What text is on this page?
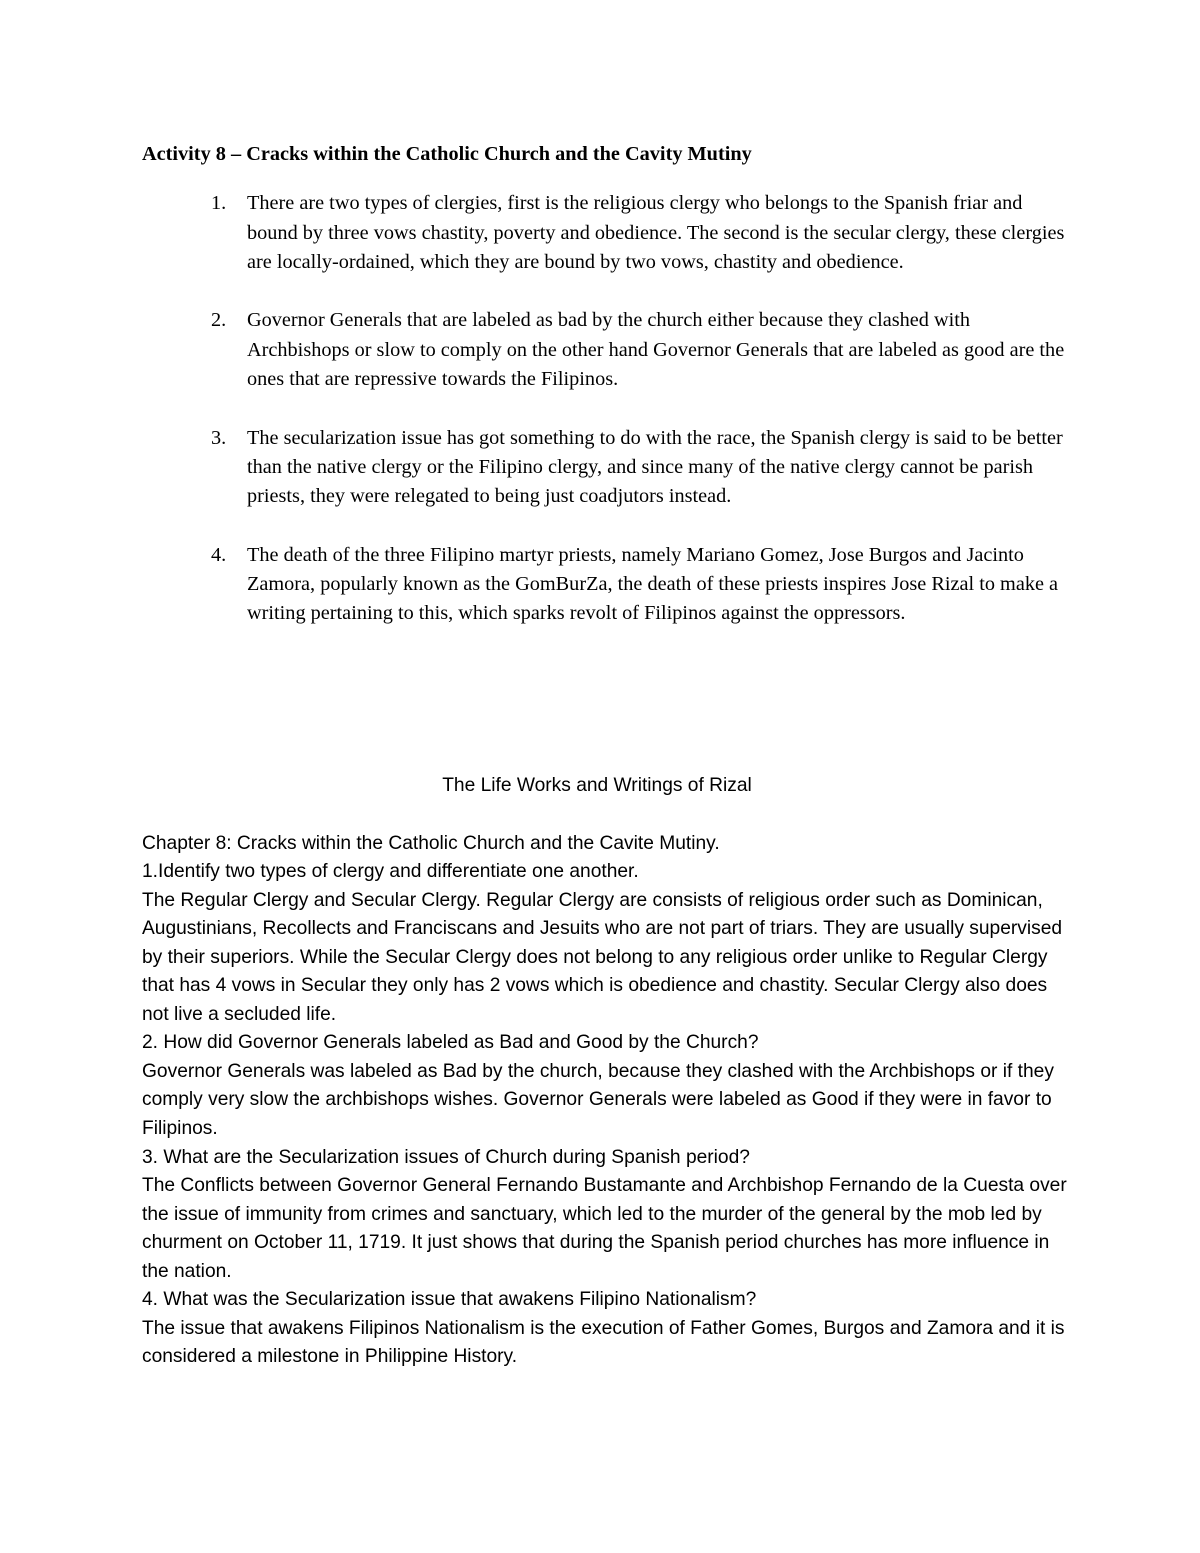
Activity 8 – Cracks within the Catholic Church and the Cavity Mutiny
1. There are two types of clergies, first is the religious clergy who belongs to the Spanish friar and bound by three vows chastity, poverty and obedience. The second is the secular clergy, these clergies are locally-ordained, which they are bound by two vows, chastity and obedience.
2. Governor Generals that are labeled as bad by the church either because they clashed with Archbishops or slow to comply on the other hand Governor Generals that are labeled as good are the ones that are repressive towards the Filipinos.
3. The secularization issue has got something to do with the race, the Spanish clergy is said to be better than the native clergy or the Filipino clergy, and since many of the native clergy cannot be parish priests, they were relegated to being just coadjutors instead.
4. The death of the three Filipino martyr priests, namely Mariano Gomez, Jose Burgos and Jacinto Zamora, popularly known as the GomBurZa, the death of these priests inspires Jose Rizal to make a writing pertaining to this, which sparks revolt of Filipinos against the oppressors.
The Life Works and Writings of Rizal
Chapter 8: Cracks within the Catholic Church and the Cavite Mutiny.
1.Identify two types of clergy and differentiate one another.
The Regular Clergy and Secular Clergy. Regular Clergy are consists of religious order such as Dominican, Augustinians, Recollects and Franciscans and Jesuits who are not part of triars. They are usually supervised by their superiors. While the Secular Clergy does not belong to any religious order unlike to Regular Clergy that has 4 vows in Secular they only has 2 vows which is obedience and chastity. Secular Clergy also does not live a secluded life.
2. How did Governor Generals labeled as Bad and Good by the Church?
Governor Generals was labeled as Bad by the church, because they clashed with the Archbishops or if they comply very slow the archbishops wishes. Governor Generals were labeled as Good if they were in favor to Filipinos.
3. What are the Secularization issues of Church during Spanish period?
The Conflicts between Governor General Fernando Bustamante and Archbishop Fernando de la Cuesta over the issue of immunity from crimes and sanctuary, which led to the murder of the general by the mob led by churment on October 11, 1719. It just shows that during the Spanish period churches has more influence in the nation.
4. What was the Secularization issue that awakens Filipino Nationalism?
The issue that awakens Filipinos Nationalism is the execution of Father Gomes, Burgos and Zamora and it is considered a milestone in Philippine History.
